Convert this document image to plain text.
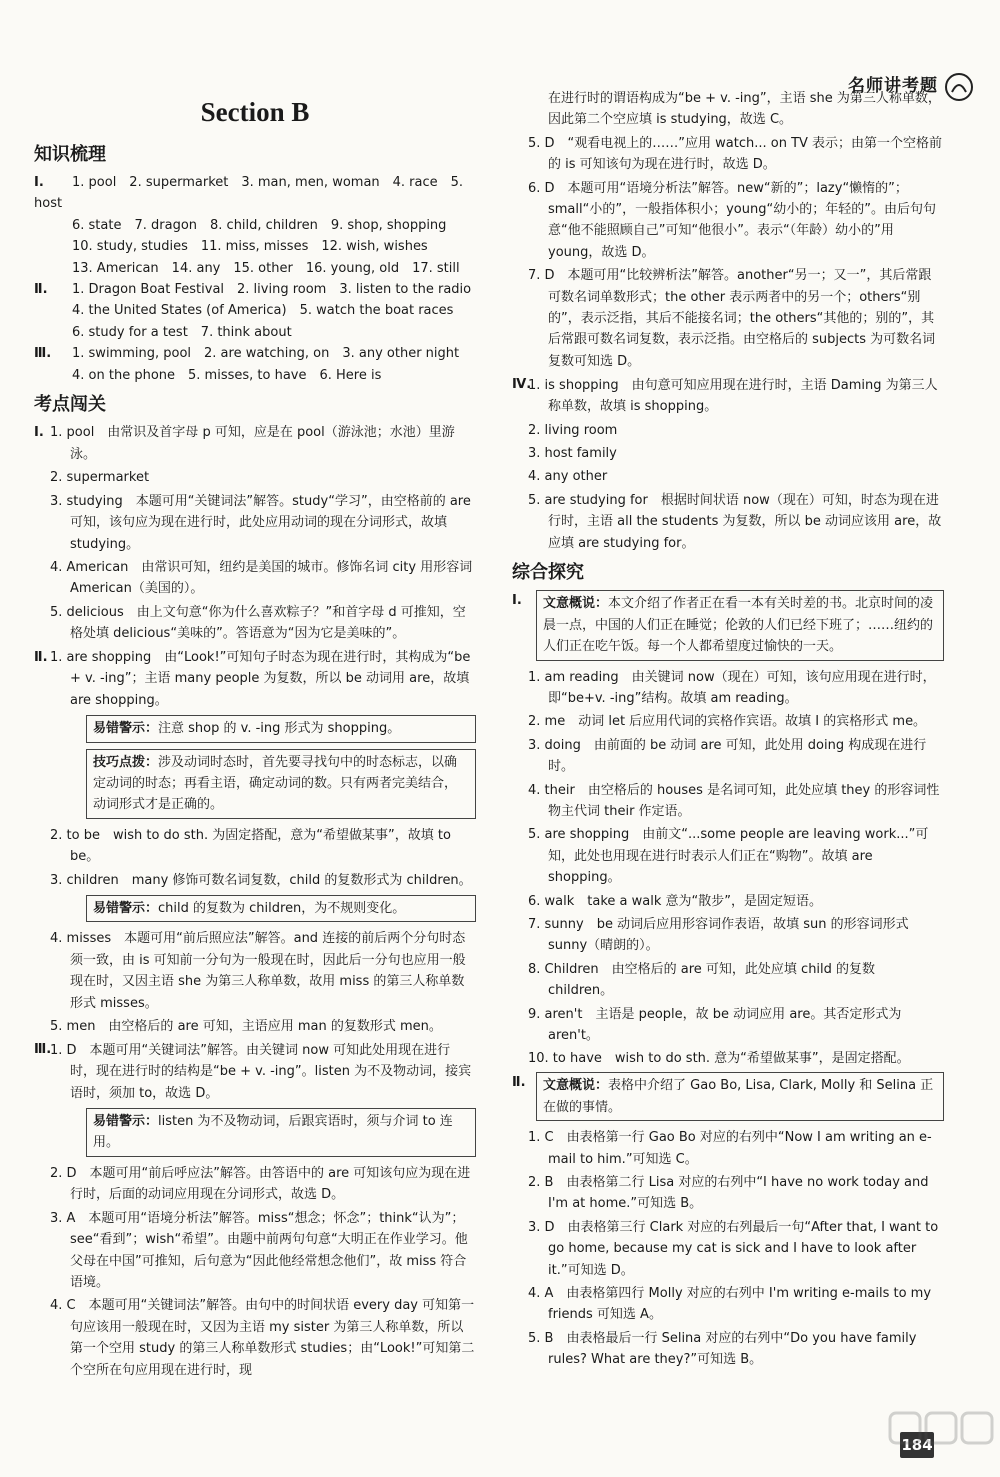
名师讲考题
Section B
知识梳理
Ⅰ. 1. pool　2. supermarket　3. man, men, woman　4. race　5. host
6. state　7. dragon　8. child, children　9. shop, shopping
10. study, studies　11. miss, misses　12. wish, wishes
13. American　14. any　15. other　16. young, old　17. still
Ⅱ. 1. Dragon Boat Festival　2. living room　3. listen to the radio
4. the United States (of America)　5. watch the boat races
6. study for a test　7. think about
Ⅲ. 1. swimming, pool　2. are watching, on　3. any other night
4. on the phone　5. misses, to have　6. Here is
考点闯关
Ⅰ. 1. pool　由常识及首字母 p 可知，应是在 pool（游泳池；水池）里游泳。
2. supermarket
3. studying　本题可用“关键词法”解答。study“学习”，由空格前的 are 可知，该句应为现在进行时，此处应用动词的现在分词形式，故填 studying。
4. American　由常识可知，纽约是美国的城市。修饰名词 city 用形容词 American（美国的）。
5. delicious　由上文句意“你为什么喜欢粽子？”和首字母 d 可推知，空格处填 delicious“美味的”。答语意为“因为它是美味的”。
Ⅱ. 1. are shopping　由“Look!”可知句子时态为现在进行时，其构成为“be + v. -ing”；主语 many people 为复数，所以 be 动词用 are，故填 are shopping。
易错警示：注意 shop 的 v. -ing 形式为 shopping。
技巧点拨：涉及动词时态时，首先要寻找句中的时态标志，以确定动词的时态；再看主语，确定动词的数。只有两者完美结合，动词形式才是正确的。
2. to be　wish to do sth. 为固定搭配，意为“希望做某事”，故填 to be。
3. children　many 修饰可数名词复数，child 的复数形式为 children。
易错警示：child 的复数为 children，为不规则变化。
4. misses　本题可用“前后照应法”解答。and 连接的前后两个分句时态须一致，由 is 可知前一分句为一般现在时，因此后一分句也应用一般现在时，又因主语 she 为第三人称单数，故用 miss 的第三人称单数形式 misses。
5. men　由空格后的 are 可知，主语应用 man 的复数形式 men。
Ⅲ.
1. D　本题可用“关键词法”解答。由关键词 now 可知此处用现在进行时，现在进行时的结构是“be + v. -ing”。listen 为不及物动词，接宾语时，须加 to，故选 D。
易错警示：listen 为不及物动词，后跟宾语时，须与介词 to 连用。
2. D　本题可用“前后呼应法”解答。由答语中的 are 可知该句应为现在进行时，后面的动词应用现在分词形式，故选 D。
3. A　本题可用“语境分析法”解答。miss“想念；怀念”；think“认为”；see“看到”；wish“希望”。由题中前两句句意“大明正在作业学习。他父母在中国”可推知，后句意为“因此他经常想念他们”，故 miss 符合语境。
4. C　本题可用“关键词法”解答。由句中的时间状语 every day 可知第一句应该用一般现在时，又因为主语 my sister 为第三人称单数，所以第一个空用 study 的第三人称单数形式 studies；由“Look!”可知第二个空所在句应用现在进行时，现
在进行时的谓语构成为“be + v. -ing”，主语 she 为第三人称单数，因此第二个空应填 is studying，故选 C。
5. D　“观看电视上的……”应用 watch... on TV 表示；由第一个空格前的 is 可知该句为现在进行时，故选 D。
6. D　本题可用“语境分析法”解答。new“新的”；lazy“懒惰的”；small“小的”，一般指体积小；young“幼小的；年轻的”。由后句句意“他不能照顾自己”可知“他很小”。表示“（年龄）幼小的”用 young，故选 D。
7. D　本题可用“比较辨析法”解答。another“另一；又一”，其后常跟可数名词单数形式；the other 表示两者中的另一个；others“别的”，表示泛指，其后不能接名词；the others“其他的；别的”，其后常跟可数名词复数，表示泛指。由空格后的 subjects 为可数名词复数可知选 D。
Ⅳ.
1. is shopping　由句意可知应用现在进行时，主语 Daming 为第三人称单数，故填 is shopping。
2. living room
3. host family
4. any other
5. are studying for　根据时间状语 now（现在）可知，时态为现在进行时，主语 all the students 为复数，所以 be 动词应该用 are，故应填 are studying for。
综合探究
Ⅰ.	文意概说：本文介绍了作者正在看一本有关时差的书。北京时间的凌晨一点，中国的人们正在睡觉；伦敦的人们已经下班了；……纽约的人们正在吃午饭。每一个人都希望度过愉快的一天。
1. am reading　由关键词 now（现在）可知，该句应用现在进行时，即“be+v. -ing”结构。故填 am reading。
2. me　动词 let 后应用代词的宾格作宾语。故填 I 的宾格形式 me。
3. doing　由前面的 be 动词 are 可知，此处用 doing 构成现在进行时。
4. their　由空格后的 houses 是名词可知，此处应填 they 的形容词性物主代词 their 作定语。
5. are shopping　由前文“...some people are leaving work...”可知，此处也用现在进行时表示人们正在“购物”。故填 are shopping。
6. walk　take a walk 意为“散步”，是固定短语。
7. sunny　be 动词后应用形容词作表语，故填 sun 的形容词形式 sunny（晴朗的）。
8. Children　由空格后的 are 可知，此处应填 child 的复数 children。
9. aren't　主语是 people，故 be 动词应用 are。其否定形式为 aren't。
10. to have　wish to do sth. 意为“希望做某事”，是固定搭配。
Ⅱ.	文意概说：表格中介绍了 Gao Bo, Lisa, Clark, Molly 和 Selina 正在做的事情。
1. C　由表格第一行 Gao Bo 对应的右列中“Now I am writing an e-mail to him.”可知选 C。
2. B　由表格第二行 Lisa 对应的右列中“I have no work today and I'm at home.”可知选 B。
3. D　由表格第三行 Clark 对应的右列最后一句“After that, I want to go home, because my cat is sick and I have to look after it.”可知选 D。
4. A　由表格第四行 Molly 对应的右列中 I'm writing e-mails to my friends 可知选 A。
5. B　由表格最后一行 Selina 对应的右列中“Do you have family rules? What are they?”可知选 B。
184
